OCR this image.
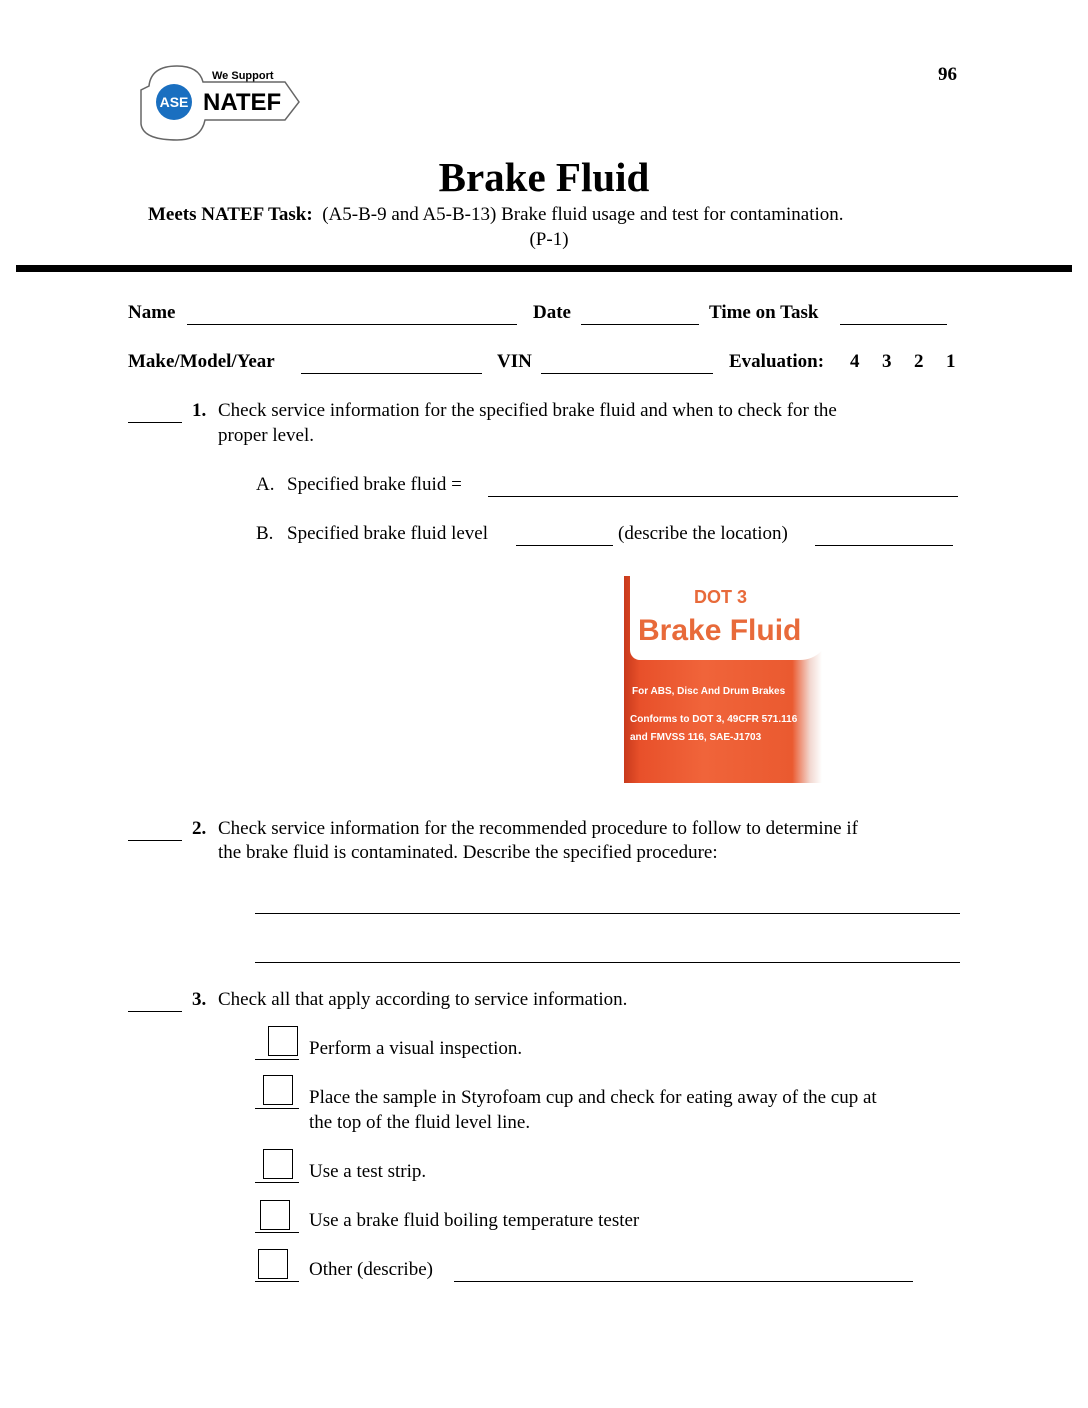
96
ASE
We Support
NATEF
Brake Fluid
Meets NATEF Task: (A5-B-9 and A5-B-13) Brake fluid usage and test for contamination.
(P-1)
Name	Date	Time on Task
Make/Model/Year	VIN	Evaluation: 4 3 2 1
1. Check service information for the specified brake fluid and when to check for the
proper level.
A. Specified brake fluid =
B. Specified brake fluid level	(describe the location)
DOT 3
Brake Fluid
For ABS, Disc And Drum Brakes
Conforms to DOT 3, 49CFR 571.116
and FMVSS 116, SAE-J1703
2. Check service information for the recommended procedure to follow to determine if
the brake fluid is contaminated. Describe the specified procedure:
3. Check all that apply according to service information.
Perform a visual inspection.
Place the sample in Styrofoam cup and check for eating away of the cup at
the top of the fluid level line.
Use a test strip.
Use a brake fluid boiling temperature tester
Other (describe)
